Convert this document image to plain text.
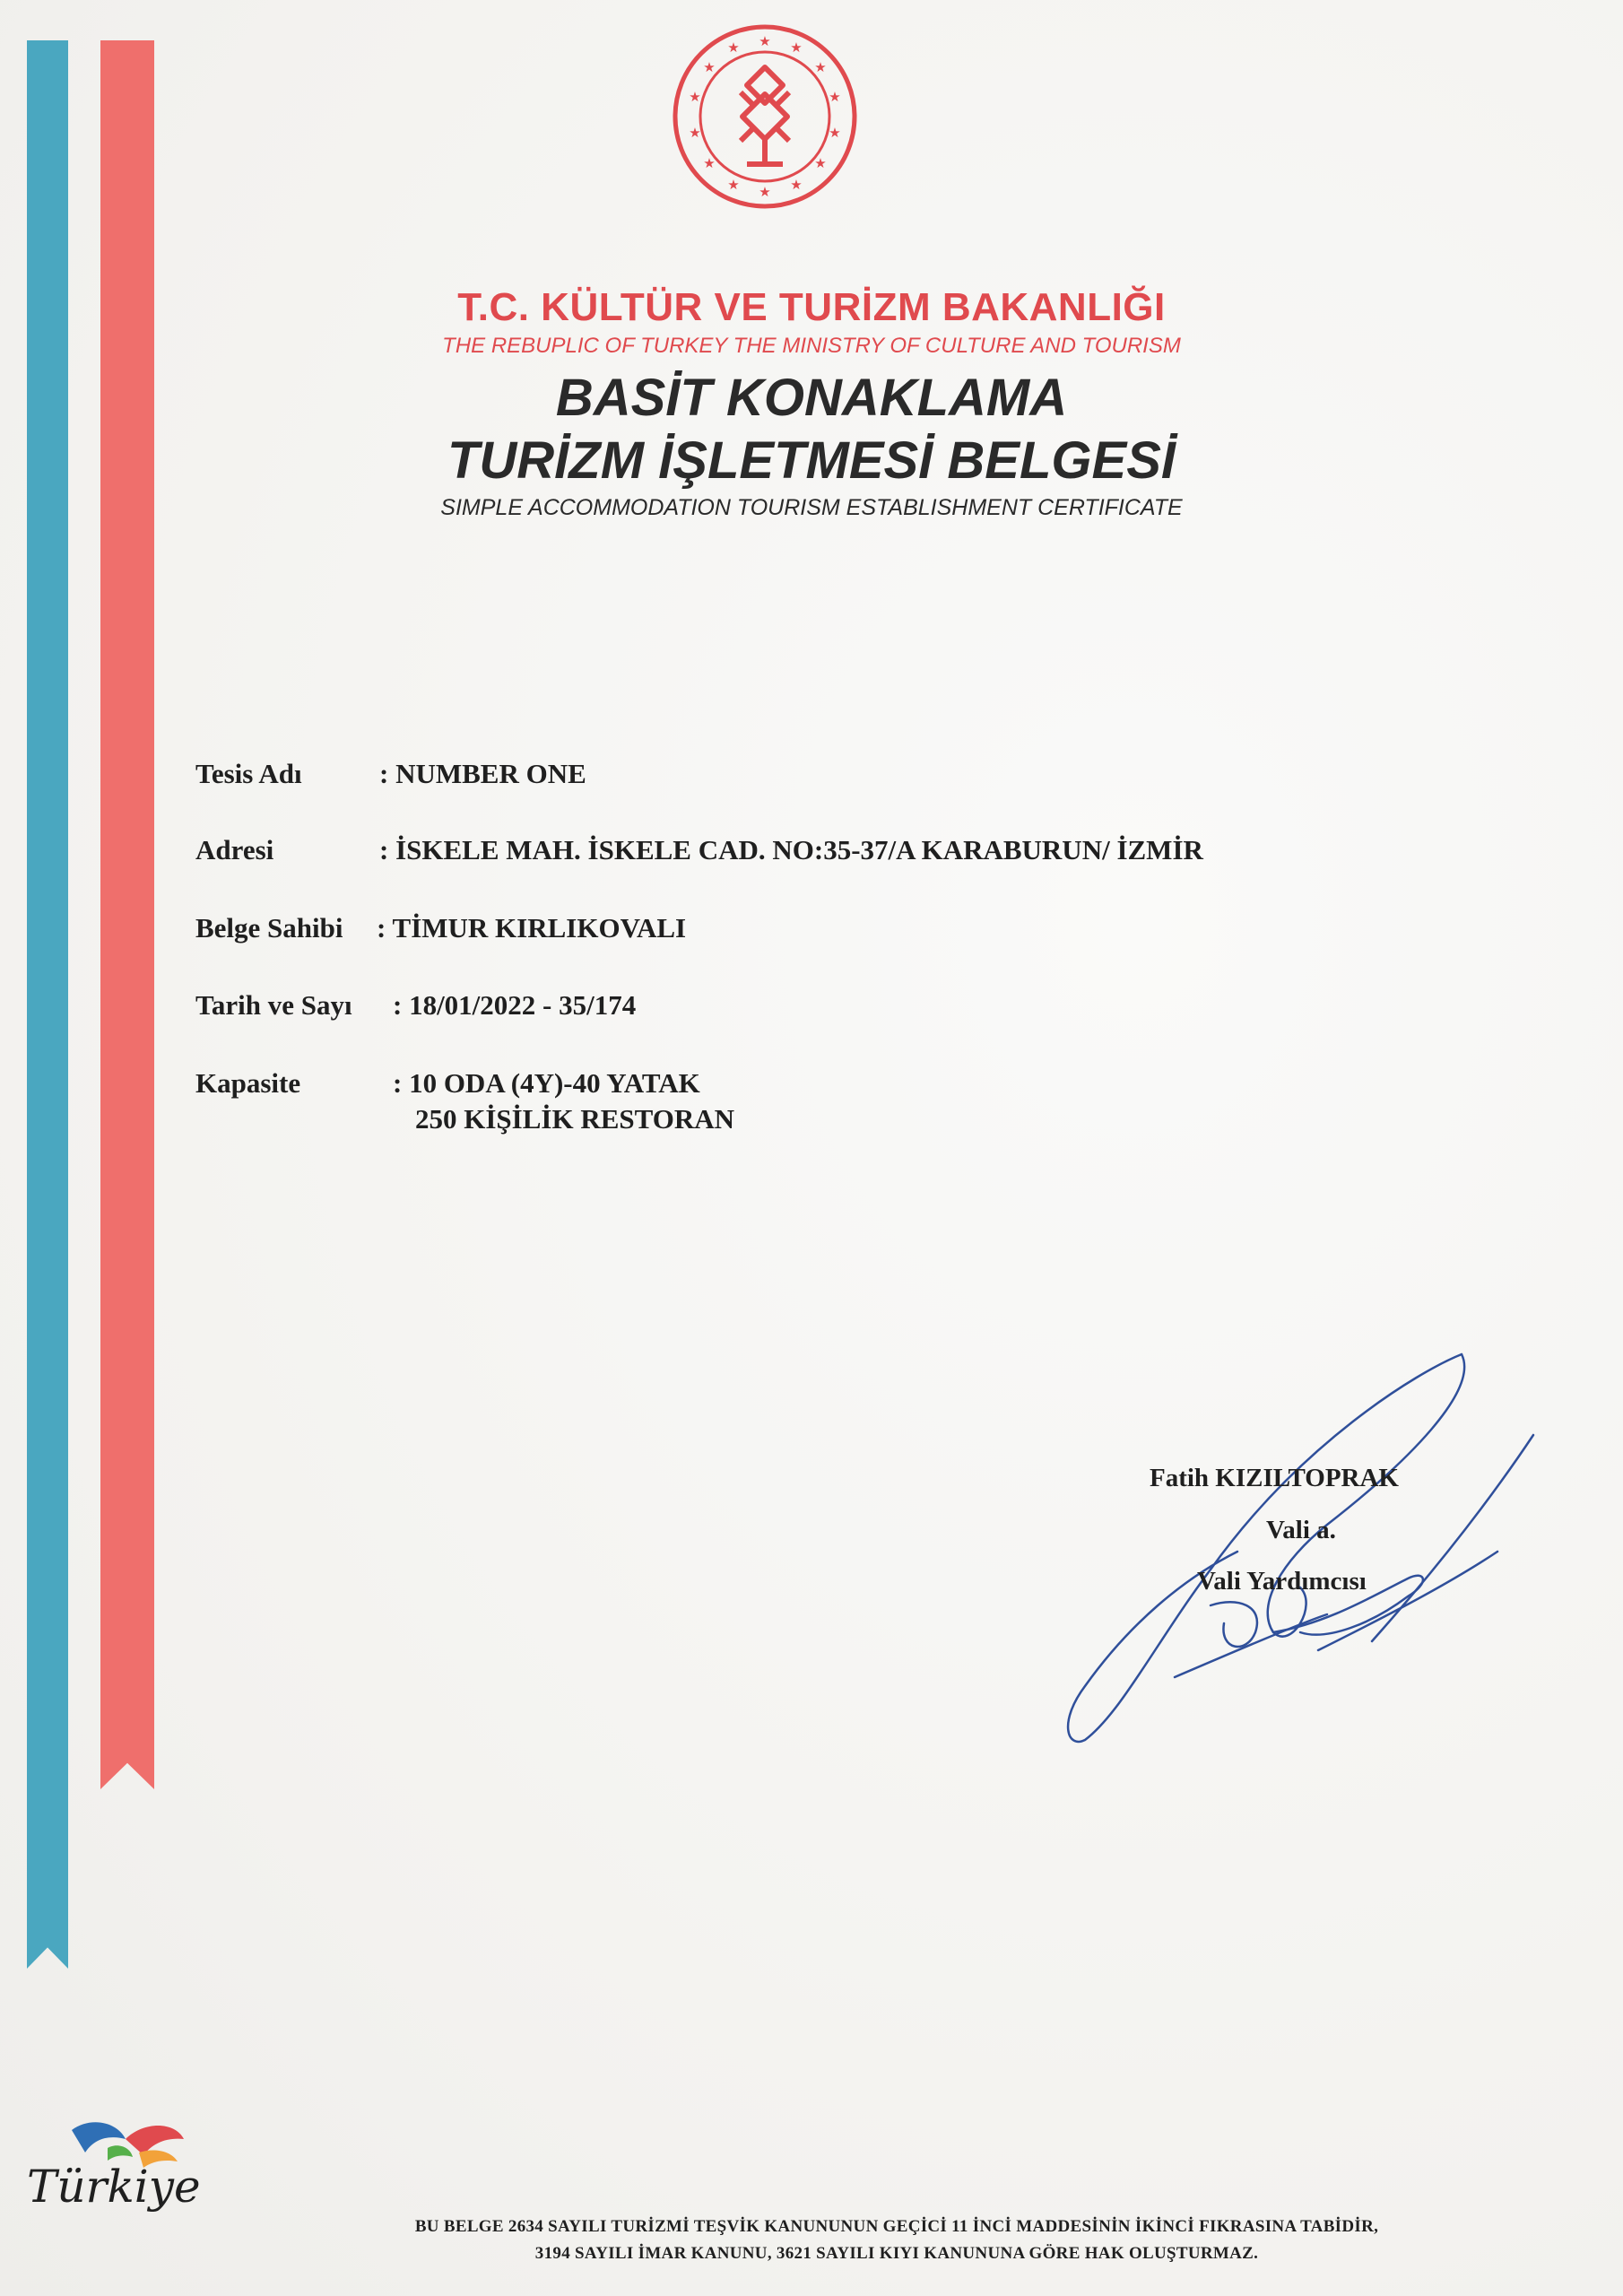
★ ★
★
★
★
★
★
★
★
★
★
★
★
★
T.C. KÜLTÜR VE TURİZM BAKANLIĞI
THE REBUPLIC OF TURKEY THE MINISTRY OF CULTURE AND TOURISM
BASİT KONAKLAMA
TURİZM İŞLETMESİ BELGESİ
SIMPLE ACCOMMODATION TOURISM ESTABLISHMENT CERTIFICATE
Tesis Adı	: NUMBER ONE
Adresi	: İSKELE MAH. İSKELE CAD. NO:35-37/A KARABURUN/ İZMİR
Belge Sahibi : TİMUR KIRLIKOVALI
Tarih ve Sayı : 18/01/2022 - 35/174
Kapasite	: 10 ODA (4Y)-40 YATAK
250 KİŞİLİK RESTORAN
Fatih KIZILTOPRAK
Vali a.
Vali Yardımcısı
Türkiye
BU BELGE 2634 SAYILI TURİZMİ TEŞVİK KANUNUNUN GEÇİCİ 11 İNCİ MADDESİNİN İKİNCİ FIKRASINA TABİDİR,
3194 SAYILI İMAR KANUNU, 3621 SAYILI KIYI KANUNUNA GÖRE HAK OLUŞTURMAZ.
